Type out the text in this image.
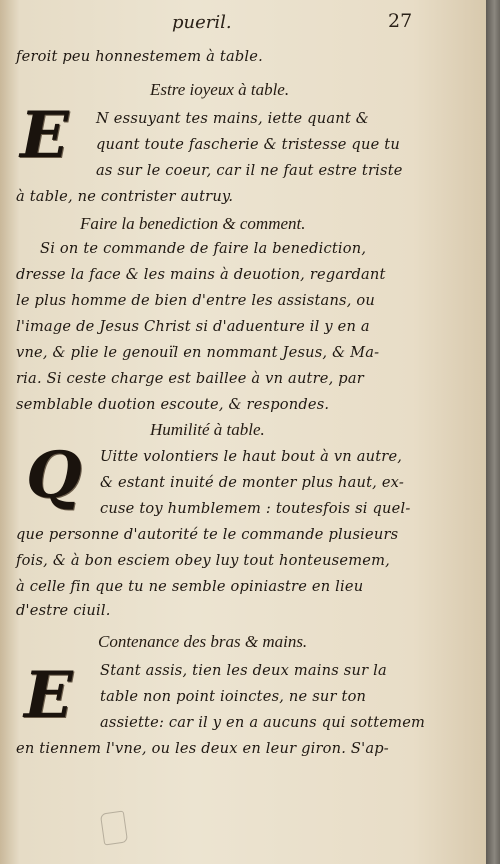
pueril.	27
feroit peu honnestemem à table.
Estre ioyeux à table.
E N essuyant tes mains, iette quant &
quant toute fascherie & tristesse que tu
as sur le coeur, car il ne faut estre triste
à table, ne contrister autruy.
Faire la benediction & comment.
Si on te commande de faire la benediction,
dresse la face & les mains à deuotion, regardant
le plus homme de bien d'entre les assistans, ou
l'image de Jesus Christ si d'aduenture il y en a
vne, & plie le genouïl en nommant Jesus, & Ma-
ria. Si ceste charge est baillee à vn autre, par
semblable duotion escoute, & respondes.
Humilité à table.
Q Uitte volontiers le haut bout à vn autre,
& estant inuité de monter plus haut, ex-
cuse toy humblemem : toutesfois si quel-
que personne d'autorité te le commande plusieurs
fois, & à bon esciem obey luy tout honteusemem,
à celle fin que tu ne semble opiniastre en lieu
d'estre ciuil.
Contenance des bras & mains.
E Stant assis, tien les deux mains sur la
table non point ioinctes, ne sur ton
assiette: car il y en a aucuns qui sottemem
en tiennem l'vne, ou les deux en leur giron. S'ap-
